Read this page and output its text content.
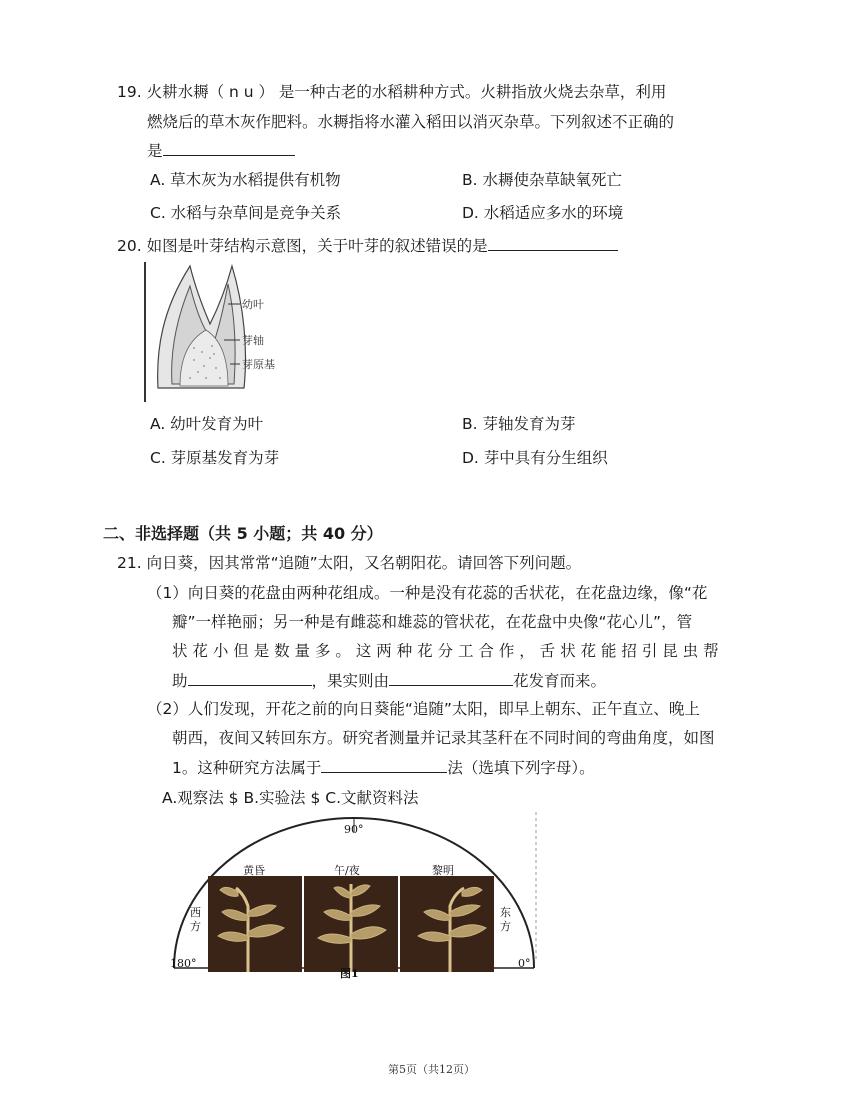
19. 火耕水耨（ n u ） 是一种古老的水稻耕种方式。火耕指放火烧去杂草，利用
燃烧后的草木灰作肥料。水耨指将水灌入稻田以消灭杂草。下列叙述不正确的
是
A. 草木灰为水稻提供有机物	B. 水耨使杂草缺氧死亡
C. 水稻与杂草间是竞争关系	D. 水稻适应多水的环境
20. 如图是叶芽结构示意图，关于叶芽的叙述错误的是
幼叶
芽轴
芽原基
A. 幼叶发育为叶	B. 芽轴发育为芽
C. 芽原基发育为芽	D. 芽中具有分生组织
二、非选择题（共 5 小题；共 40 分）
21. 向日葵，因其常常“追随”太阳，又名朝阳花。请回答下列问题。
（1）向日葵的花盘由两种花组成。一种是没有花蕊的舌状花，在花盘边缘，像“花
瓣”一样艳丽；另一种是有雌蕊和雄蕊的管状花，在花盘中央像“花心儿”，管
状 花 小 但 是 数 量 多 。 这 两 种 花 分 工 合 作 ， 舌 状 花 能 招 引 昆 虫 帮
助	，果实则由	花发育而来。
（2）人们发现，开花之前的向日葵能“追随”太阳，即早上朝东、正午直立、晚上
朝西，夜间又转回东方。研究者测量并记录其茎秆在不同时间的弯曲角度，如图
1。这种研究方法属于	法（选填下列字母）。
A.观察法 $ B.实验法 $ C.文献资料法
90°
180°	0°
西方
东方
黄昏	午/夜	黎明
图1
第5页（共12页）
